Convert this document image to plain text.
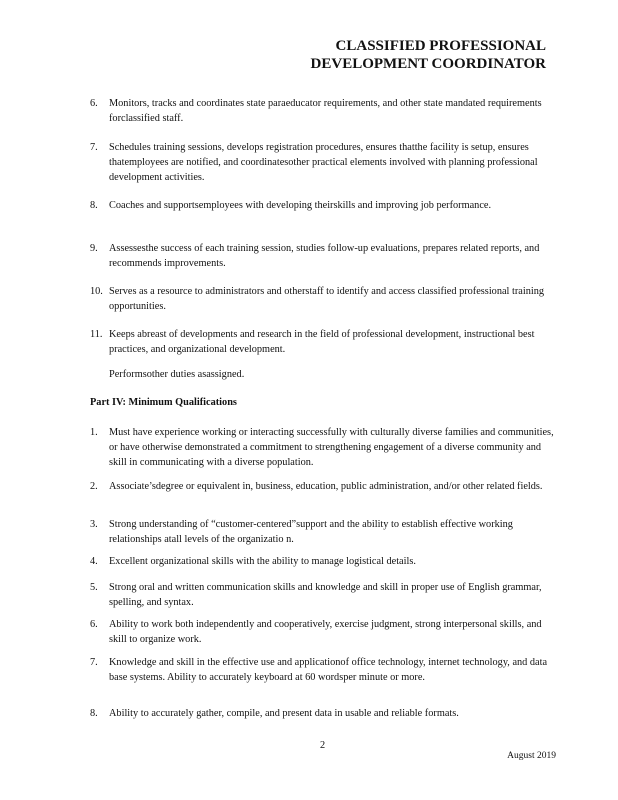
CLASSIFIED PROFESSIONAL
DEVELOPMENT COORDINATOR
6. Monitors, tracks and coordinates state paraeducator requirements, and other state mandated requirements forclassified staff.
7. Schedules training sessions, develops registration procedures, ensures thatthe facility is setup, ensures thatemployees are notified, and coordinatesother practical elements involved with planning professional development activities.
8. Coaches and supportsemployees with developing theirskills and improving job performance.
9. Assessesthe success of each training session, studies follow-up evaluations, prepares related reports, and recommends improvements.
10. Serves as a resource to administrators and otherstaff to identify and access classified professional training opportunities.
11. Keeps abreast of developments and research in the field of professional development, instructional best practices, and organizational development.
Performsother duties asassigned.
Part IV: Minimum Qualifications
1. Must have experience working or interacting successfully with culturally diverse families and communities, or have otherwise demonstrated a commitment to strengthening engagement of a diverse community and skill in communicating with a diverse population.
2. Associate’sdegree or equivalent in, business, education, public administration, and/or other related fields.
3. Strong understanding of “customer-centered”support and the ability to establish effective working relationships atall levels of the organizatio n.
4. Excellent organizational skills with the ability to manage logistical details.
5. Strong oral and written communication skills and knowledge and skill in proper use of English grammar, spelling, and syntax.
6. Ability to work both independently and cooperatively, exercise judgment, strong interpersonal skills, and skill to organize work.
7. Knowledge and skill in the effective use and applicationof office technology, internet technology, and data base systems. Ability to accurately keyboard at 60 wordsper minute or more.
8. Ability to accurately gather, compile, and present data in usable and reliable formats.
2
August 2019
